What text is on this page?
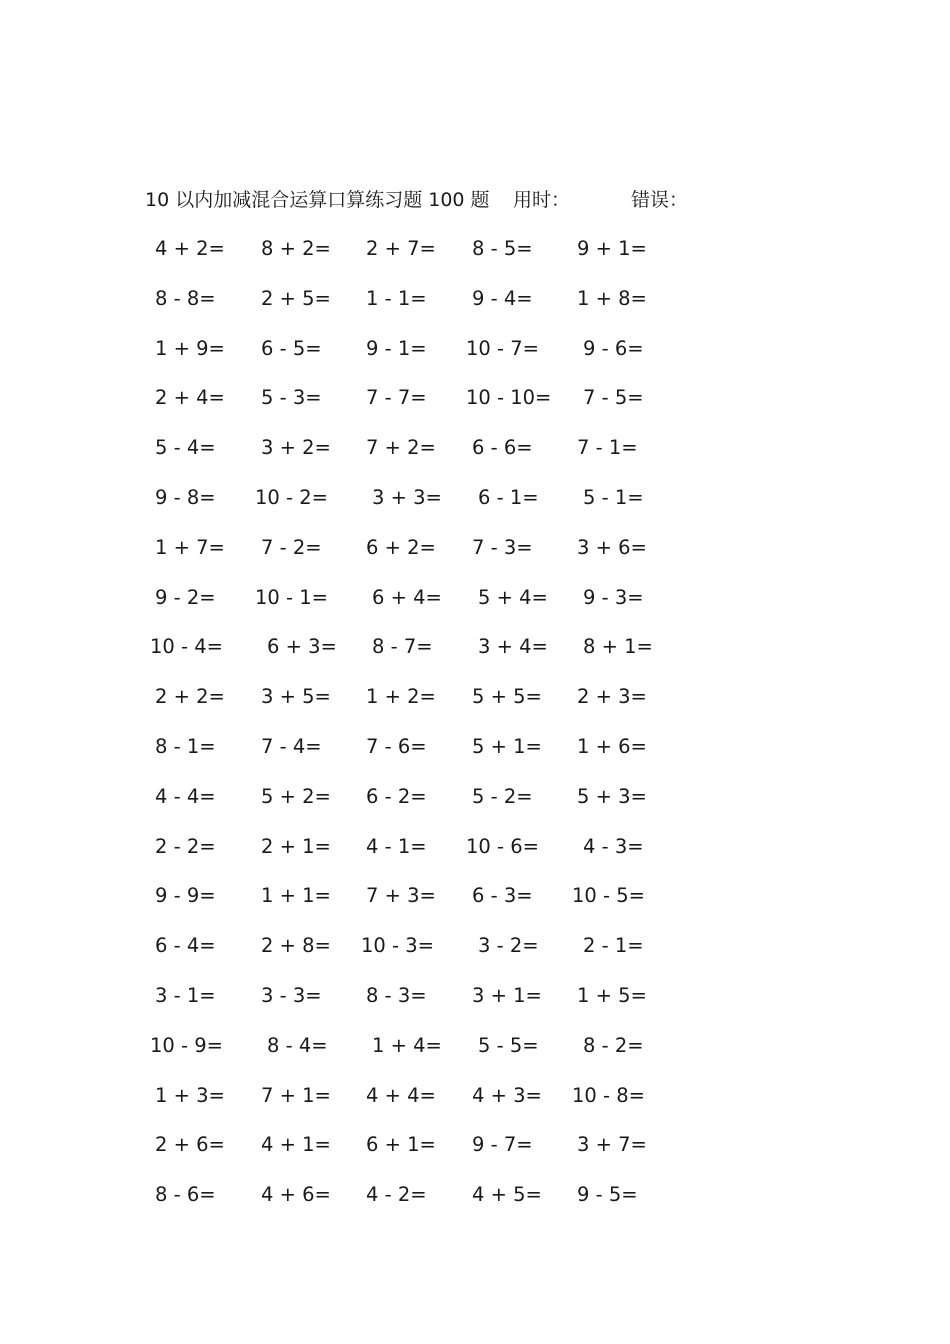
10 以内加减混合运算口算练习题 100 题 用时：	错误：
4 + 2= 8 + 2= 2 + 7= 8 - 5= 9 + 1=
8 - 8= 2 + 5= 1 - 1= 9 - 4= 1 + 8=
1 + 9= 6 - 5= 9 - 1= 10 - 7= 9 - 6=
2 + 4= 5 - 3= 7 - 7= 10 - 10= 7 - 5=
5 - 4= 3 + 2= 7 + 2= 6 - 6= 7 - 1=
9 - 8= 10 - 2= 3 + 3= 6 - 1= 5 - 1=
1 + 7= 7 - 2= 6 + 2= 7 - 3= 3 + 6=
9 - 2= 10 - 1= 6 + 4= 5 + 4= 9 - 3=
10 - 4= 6 + 3= 8 - 7= 3 + 4= 8 + 1=
2 + 2= 3 + 5= 1 + 2= 5 + 5= 2 + 3=
8 - 1= 7 - 4= 7 - 6= 5 + 1= 1 + 6=
4 - 4= 5 + 2= 6 - 2= 5 - 2= 5 + 3=
2 - 2= 2 + 1= 4 - 1= 10 - 6= 4 - 3=
9 - 9= 1 + 1= 7 + 3= 6 - 3= 10 - 5=
6 - 4= 2 + 8= 10 - 3= 3 - 2= 2 - 1=
3 - 1= 3 - 3= 8 - 3= 3 + 1= 1 + 5=
10 - 9= 8 - 4= 1 + 4= 5 - 5= 8 - 2=
1 + 3= 7 + 1= 4 + 4= 4 + 3= 10 - 8=
2 + 6= 4 + 1= 6 + 1= 9 - 7= 3 + 7=
8 - 6= 4 + 6= 4 - 2= 4 + 5= 9 - 5=
